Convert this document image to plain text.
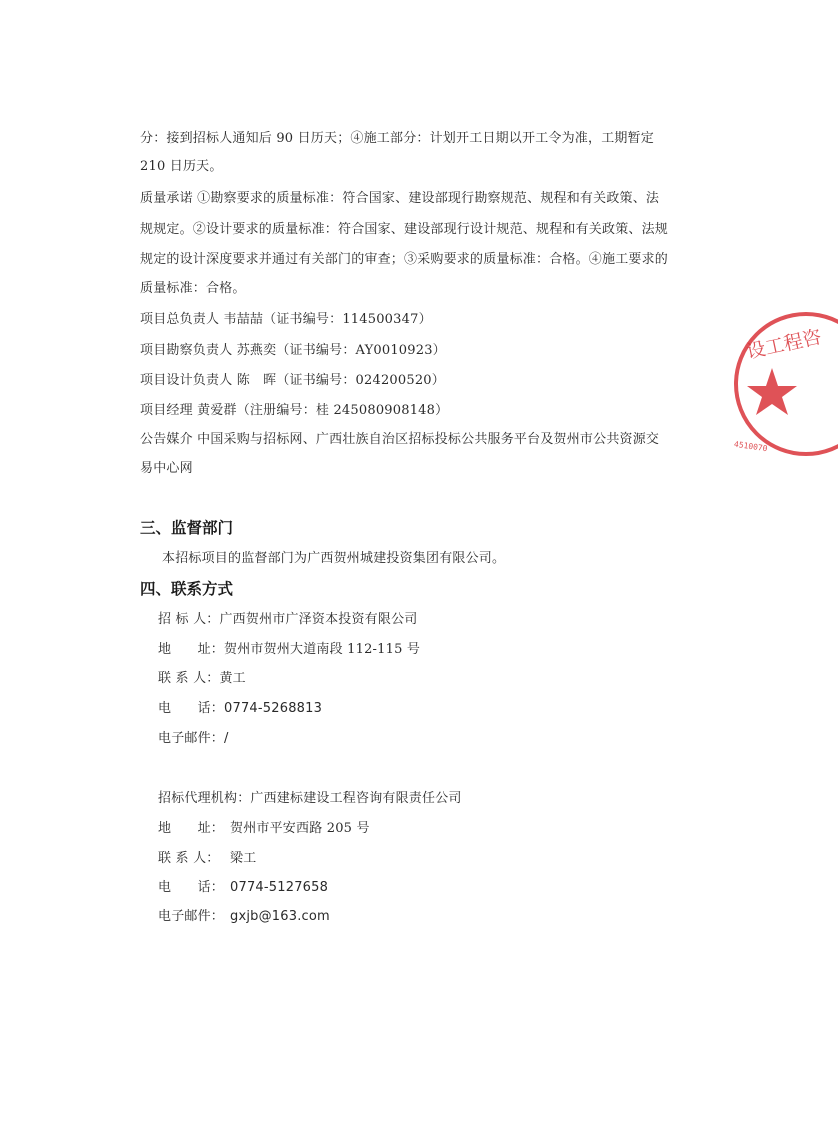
分：接到招标人通知后 90 日历天；④施工部分：计划开工日期以开工令为准，工期暂定
210 日历天。
质量承诺 ①勘察要求的质量标准：符合国家、建设部现行勘察规范、规程和有关政策、法
规规定。②设计要求的质量标准：符合国家、建设部现行设计规范、规程和有关政策、法规
规定的设计深度要求并通过有关部门的审查；③采购要求的质量标准：合格。④施工要求的
质量标准：合格。
项目总负责人 韦喆喆（证书编号：114500347）
项目勘察负责人 苏燕奕（证书编号：AY0010923）
项目设计负责人 陈　晖（证书编号：024200520）
项目经理 黄爱群（注册编号：桂 245080908148）
公告媒介 中国采购与招标网、广西壮族自治区招标投标公共服务平台及贺州市公共资源交
易中心网
三、监督部门
本招标项目的监督部门为广西贺州城建投资集团有限公司。
四、联系方式
招 标 人：广西贺州市广泽资本投资有限公司
地　　址：贺州市贺州大道南段 112-115 号
联 系 人：黄工
电　　话：0774-5268813
电子邮件：/
招标代理机构：广西建标建设工程咨询有限责任公司
地　　址： 贺州市平安西路 205 号
联 系 人： 梁工
电　　话： 0774-5127658
电子邮件： gxjb@163.com
设工程咨
4510070
